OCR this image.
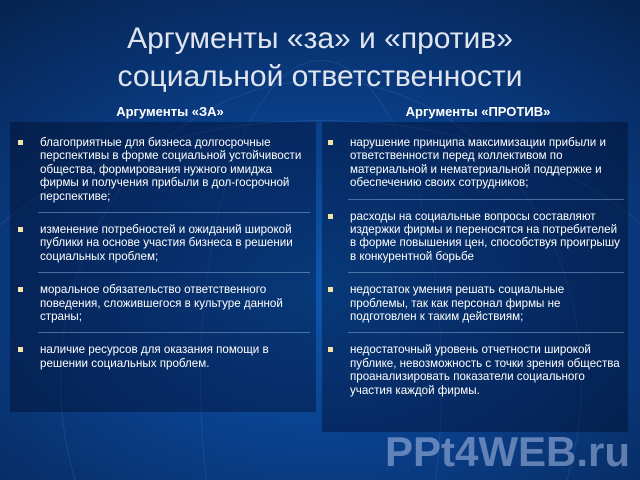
Аргументы «за» и «против»
социальной ответственности
Аргументы «ЗА»	Аргументы «ПРОТИВ»
благоприятные для бизнеса долгосрочные перспективы в форме социальной устойчивости общества, формирования нужного имиджа фирмы и получения прибыли в дол-госрочной перспективе;
изменение потребностей и ожиданий широкой публики на основе участия бизнеса в решении социальных проблем;
моральное обязательство ответственного поведения, сложившегося в культуре данной страны;
наличие ресурсов для оказания помощи в решении социальных проблем.
нарушение принципа максимизации прибыли и ответственности перед коллективом по материальной и нематериальной поддержке и обеспечению своих сотрудников;
расходы на социальные вопросы составляют издержки фирмы и переносятся на потребителей в форме повышения цен, способствуя проигрышу в конкурентной борьбе
недостаток умения решать социальные проблемы, так как персонал фирмы не подготовлен к таким действиям;
недостаточный уровень отчетности широкой публике, невозможность с точки зрения общества проанализировать показатели социального участия каждой фирмы.
PPt4WEB.ru
